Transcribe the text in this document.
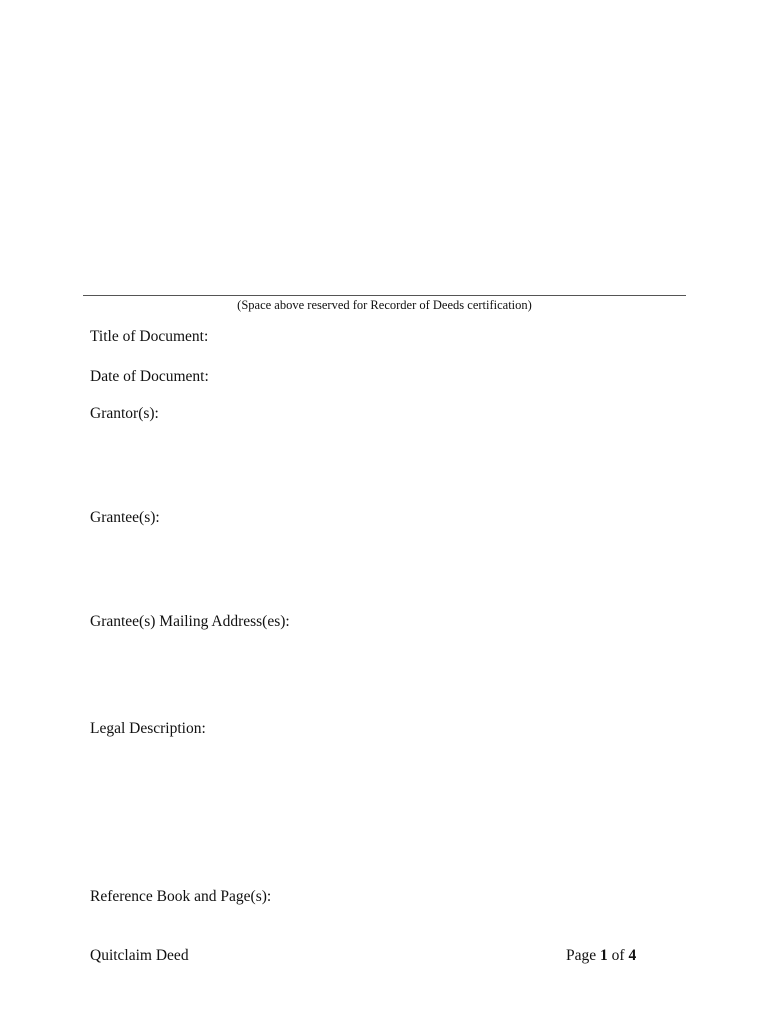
(Space above reserved for Recorder of Deeds certification)
Title of Document:
Date of Document:
Grantor(s):
Grantee(s):
Grantee(s) Mailing Address(es):
Legal Description:
Reference Book and Page(s):
Quitclaim Deed	Page 1 of 4
